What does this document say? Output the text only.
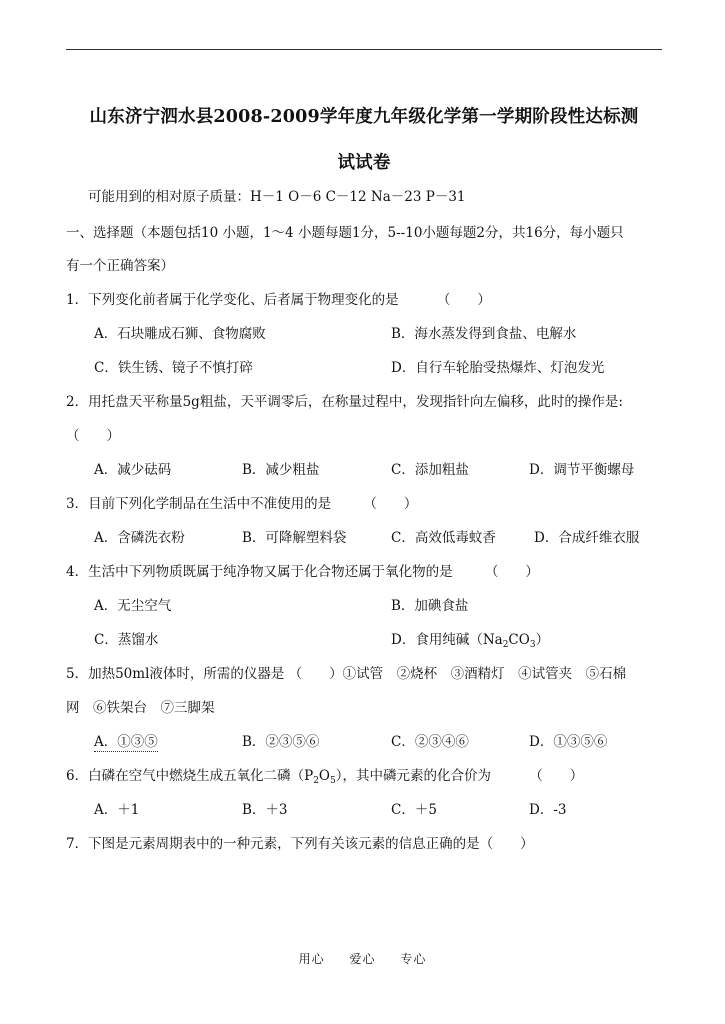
山东济宁泗水县2008-2009学年度九年级化学第一学期阶段性达标测
试试卷
可能用到的相对原子质量：H－1 O－6 C－12 Na－23 P－31
一、选择题（本题包括10 小题，1～4 小题每题1分，5--10小题每题2分，共16分，每小题只
有一个正确答案）
1．下列变化前者属于化学变化、后者属于物理变化的是	（　　）
A．石块雕成石狮、食物腐败	B．海水蒸发得到食盐、电解水
C．铁生锈、镜子不慎打碎	D．自行车轮胎受热爆炸、灯泡发光
2．用托盘天平称量5g粗盐，天平调零后，在称量过程中，发现指针向左偏移，此时的操作是:
（　　）
A．减少砝码	B．减少粗盐	C．添加粗盐	D．调节平衡螺母
3．目前下列化学制品在生活中不准使用的是 （　　）
A．含磷洗衣粉	B．可降解塑料袋	C．高效低毒蚊香	D．合成纤维衣服
4．生活中下列物质既属于纯净物又属于化合物还属于氧化物的是 （　　）
A．无尘空气	B．加碘食盐
C．蒸馏水	D．食用纯碱$(Na_2CO_3)$
5．加热50ml液体时，所需的仪器是 （　　）①试管　②烧杯　③酒精灯　④试管夹　⑤石棉
网　⑥铁架台　⑦三脚架
A．①③⑤	B．②③⑤⑥	C．②③④⑥	D．①③⑤⑥
6．白磷在空气中燃烧生成五氧化二磷$(P_2O_5)$，其中磷元素的化合价为	（　　）
A．＋1	B．＋3	C．＋5	D．-3
7．下图是元素周期表中的一种元素，下列有关该元素的信息正确的是（　　）
用心 爱心 专心
